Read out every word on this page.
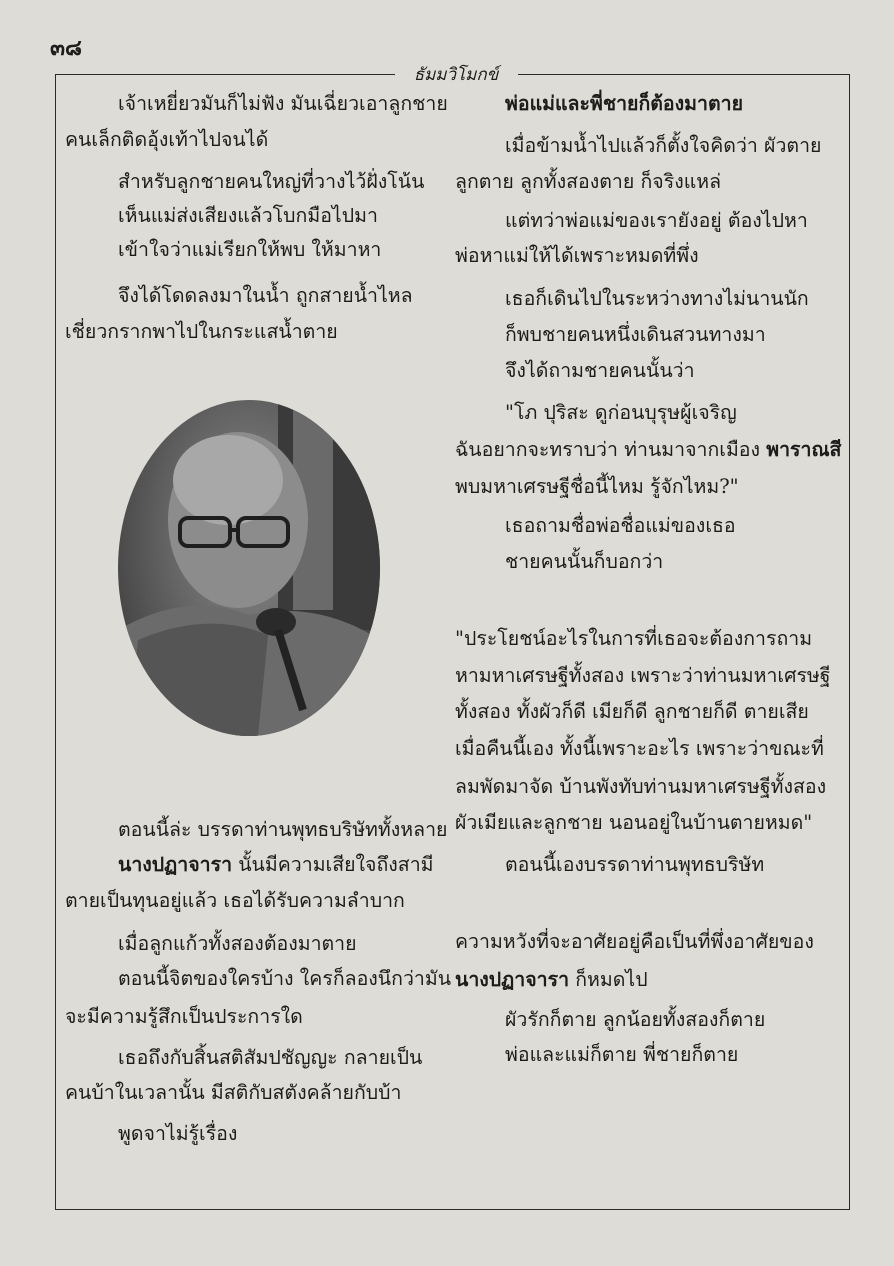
๓๘
ธัมมวิโมกข์
เจ้าเหยี่ยวมันก็ไม่ฟัง มันเฉี่ยวเอาลูกชาย
คนเล็กติดอุ้งเท้าไปจนได้
สำหรับลูกชายคนใหญ่ที่วางไว้ฝั่งโน้น
เห็นแม่ส่งเสียงแล้วโบกมือไปมา
เข้าใจว่าแม่เรียกให้พบ ให้มาหา
จึงได้โดดลงมาในน้ำ ถูกสายน้ำไหล
เชี่ยวกรากพาไปในกระแสน้ำตาย
ตอนนี้ล่ะ บรรดาท่านพุทธบริษัททั้งหลาย
นางปฏาจารา นั้นมีความเสียใจถึงสามี
ตายเป็นทุนอยู่แล้ว เธอได้รับความลำบาก
เมื่อลูกแก้วทั้งสองต้องมาตาย
ตอนนี้จิตของใครบ้าง ใครก็ลองนึกว่ามัน
จะมีความรู้สึกเป็นประการใด
เธอถึงกับสิ้นสติสัมปชัญญะ กลายเป็น
คนบ้าในเวลานั้น มีสติกับสตังคล้ายกับบ้า
พูดจาไม่รู้เรื่อง
พ่อแม่และพี่ชายก็ต้องมาตาย
เมื่อข้ามน้ำไปแล้วก็ตั้งใจคิดว่า ผัวตาย
ลูกตาย ลูกทั้งสองตาย ก็จริงแหล่
แต่ทว่าพ่อแม่ของเรายังอยู่ ต้องไปหา
พ่อหาแม่ให้ได้เพราะหมดที่พึ่ง
เธอก็เดินไปในระหว่างทางไม่นานนัก
ก็พบชายคนหนึ่งเดินสวนทางมา
จึงได้ถามชายคนนั้นว่า
"โภ ปุริสะ ดูก่อนบุรุษผู้เจริญ
ฉันอยากจะทราบว่า ท่านมาจากเมือง พาราณสี
พบมหาเศรษฐีชื่อนี้ไหม รู้จักไหม?"
เธอถามชื่อพ่อชื่อแม่ของเธอ
ชายคนนั้นก็บอกว่า
"ประโยชน์อะไรในการที่เธอจะต้องการถาม
หามหาเศรษฐีทั้งสอง เพราะว่าท่านมหาเศรษฐี
ทั้งสอง ทั้งผัวก็ดี เมียก็ดี ลูกชายก็ดี ตายเสีย
เมื่อคืนนี้เอง ทั้งนี้เพราะอะไร เพราะว่าขณะที่
ลมพัดมาจัด บ้านพังทับท่านมหาเศรษฐีทั้งสอง
ผัวเมียและลูกชาย นอนอยู่ในบ้านตายหมด"
ตอนนี้เองบรรดาท่านพุทธบริษัท
ความหวังที่จะอาศัยอยู่คือเป็นที่พึ่งอาศัยของ
นางปฏาจารา ก็หมดไป
ผัวรักก็ตาย ลูกน้อยทั้งสองก็ตาย
พ่อและแม่ก็ตาย พี่ชายก็ตาย
